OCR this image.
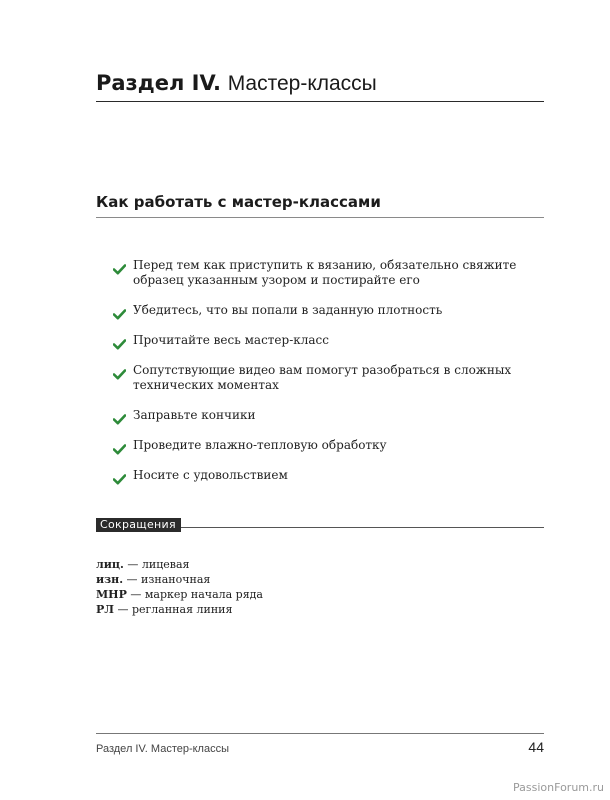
Раздел IV. Мастер-классы
Как работать с мастер-классами
Перед тем как приступить к вязанию, обязательно свяжите образец указанным узором и постирайте его
Убедитесь, что вы попали в заданную плотность
Прочитайте весь мастер-класс
Сопутствующие видео вам помогут разобраться в сложных технических моментах
Заправьте кончики
Проведите влажно-тепловую обработку
Носите с удовольствием
Сокращения
лиц. — лицевая
изн. — изнаночная
МНР — маркер начала ряда
РЛ — регланная линия
Раздел IV. Мастер-классы	44
PassionForum.ru
